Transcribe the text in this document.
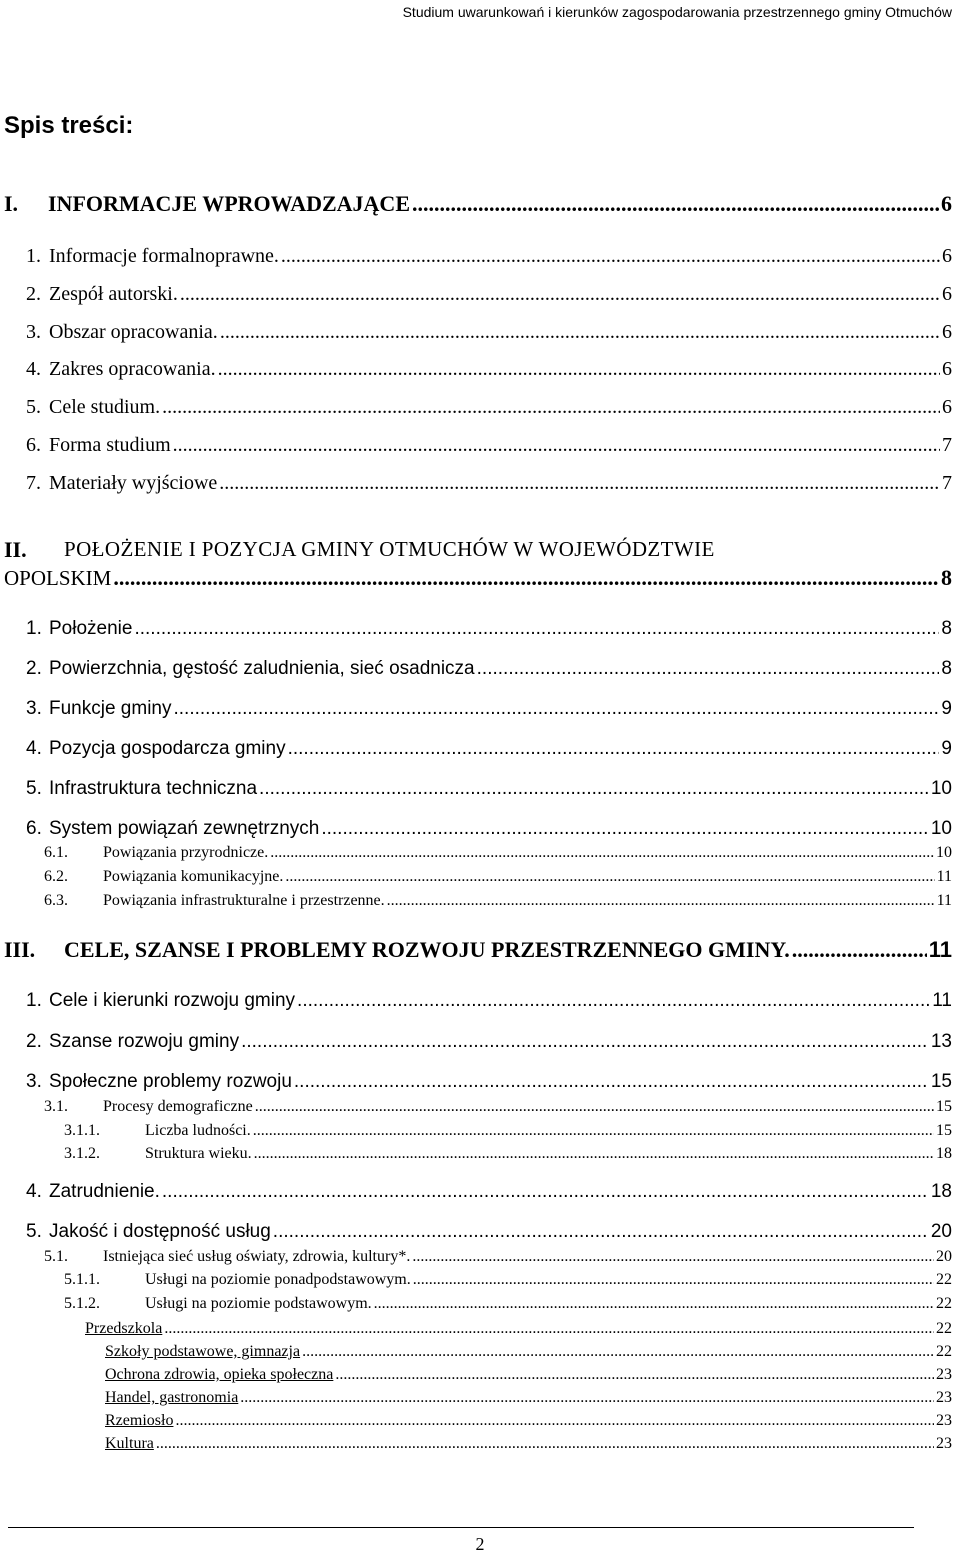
Studium uwarunkowań i kierunków zagospodarowania przestrzennego gminy Otmuchów
Spis treści:
I.	INFORMACJE WPROWADZAJĄCE .....	6
1. Informacje formalnoprawne. .....	6
2. Zespół autorski. .....	6
3. Obszar opracowania. .....	6
4. Zakres opracowania. .....	6
5. Cele studium. .....	6
6. Forma studium .....	7
7. Materiały wyjściowe .....	7
II.	POŁOŻENIE I POZYCJA GMINY OTMUCHÓW W WOJEWÓDZTWIE
OPOLSKIM .....	8
1. Położenie .....	8
2. Powierzchnia, gęstość zaludnienia, sieć osadnicza .....	8
3. Funkcje gminy .....	9
4. Pozycja gospodarcza gminy .....	9
5. Infrastruktura techniczna .....	10
6. System powiązań zewnętrznych .....	10
6.1.	Powiązania przyrodnicze. .....	10
6.2.	Powiązania komunikacyjne. .....	11
6.3.	Powiązania infrastrukturalne i przestrzenne. .....	11
III.	CELE, SZANSE I PROBLEMY ROZWOJU PRZESTRZENNEGO GMINY. .....	11
1. Cele i kierunki rozwoju gminy .....	11
2. Szanse rozwoju gminy .....	13
3. Społeczne problemy rozwoju .....	15
3.1.	Procesy demograficzne .....	15
3.1.1.	Liczba ludności. .....	15
3.1.2.	Struktura wieku. .....	18
4. Zatrudnienie. .....	18
5. Jakość i dostępność usług .....	20
5.1.	Istniejąca sieć usług oświaty, zdrowia, kultury*. .....	20
5.1.1.	Usługi na poziomie ponadpodstawowym. .....	22
5.1.2.	Usługi na poziomie podstawowym. .....	22
Przedszkola .....	22
Szkoły podstawowe, gimnazja .....	22
Ochrona zdrowia, opieka społeczna .....	23
Handel, gastronomia .....	23
Rzemiosło .....	23
Kultura .....	23
2
